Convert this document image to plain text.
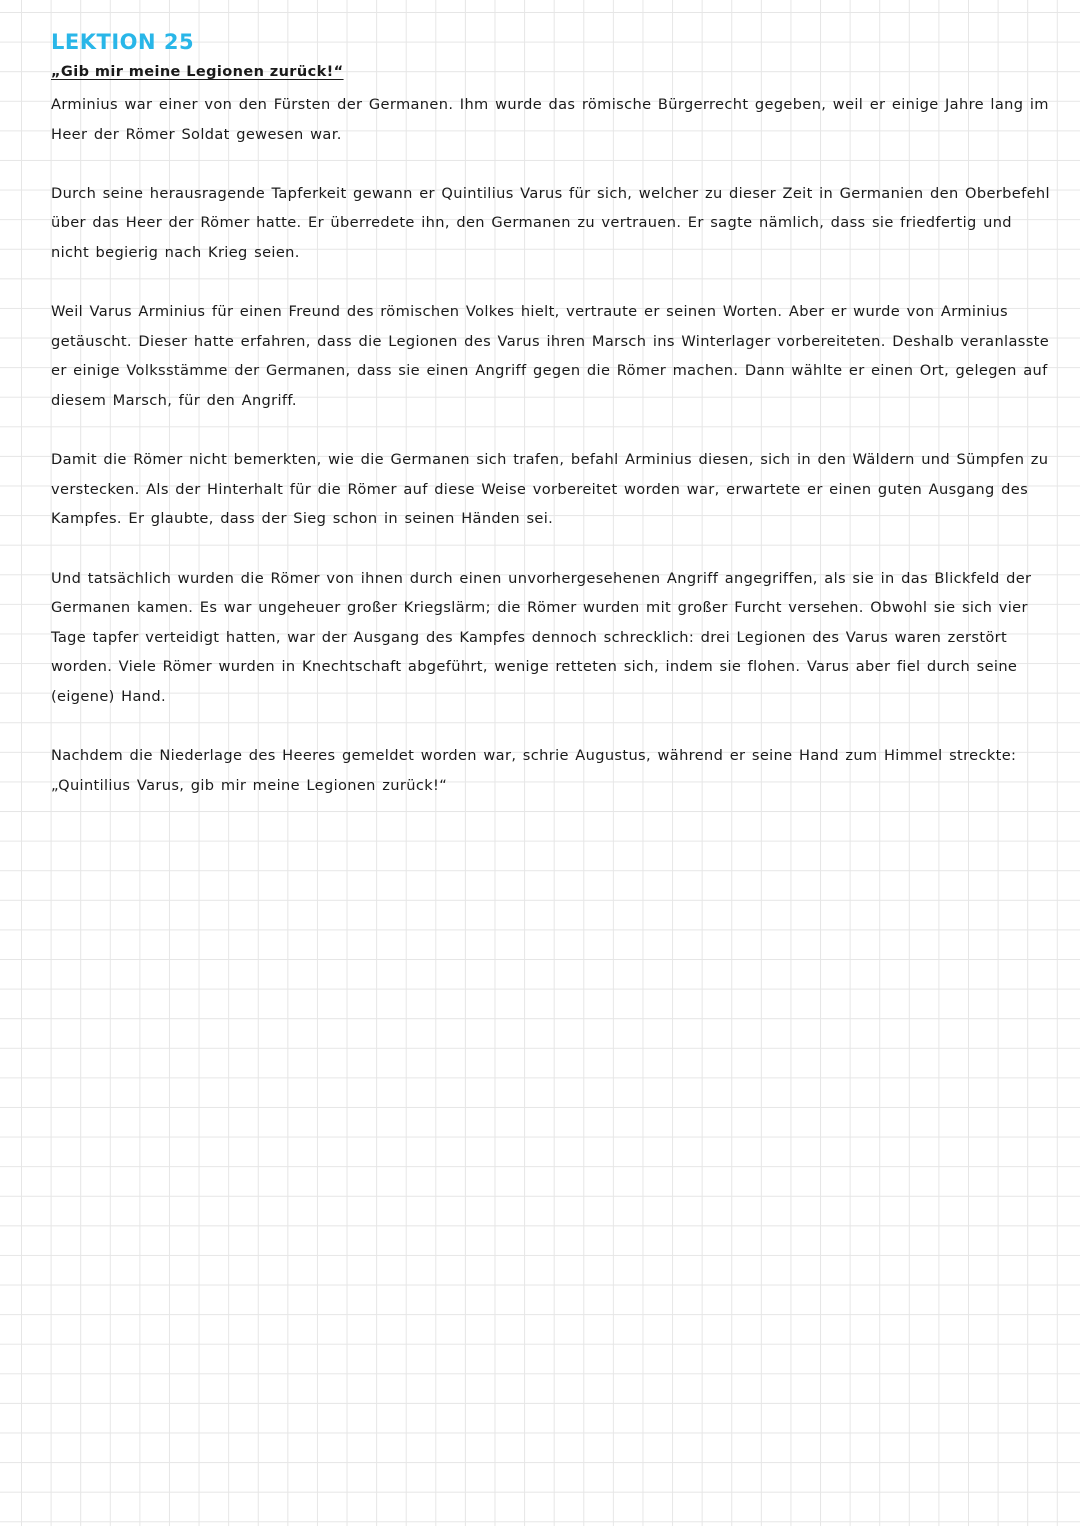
LEKTION 25
„Gib mir meine Legionen zurück!“

Arminius war einer von den Fürsten der Germanen. Ihm wurde das römische Bürgerrecht gegeben, weil er einige Jahre lang im Heer der Römer Soldat gewesen war.

Durch seine herausragende Tapferkeit gewann er Quintilius Varus für sich, welcher zu dieser Zeit in Germanien den Oberbefehl über das Heer der Römer hatte. Er überredete ihn, den Germanen zu vertrauen. Er sagte nämlich, dass sie friedfertig und nicht begierig nach Krieg seien.

Weil Varus Arminius für einen Freund des römischen Volkes hielt, vertraute er seinen Worten. Aber er wurde von Arminius getäuscht. Dieser hatte erfahren, dass die Legionen des Varus ihren Marsch ins Winterlager vorbereiteten. Deshalb veranlasste er einige Volksstämme der Germanen, dass sie einen Angriff gegen die Römer machen. Dann wählte er einen Ort, gelegen auf diesem Marsch, für den Angriff.

Damit die Römer nicht bemerkten, wie die Germanen sich trafen, befahl Arminius diesen, sich in den Wäldern und Sümpfen zu verstecken. Als der Hinterhalt für die Römer auf diese Weise vorbereitet worden war, erwartete er einen guten Ausgang des Kampfes. Er glaubte, dass der Sieg schon in seinen Händen sei.

Und tatsächlich wurden die Römer von ihnen durch einen unvorhergesehenen Angriff angegriffen, als sie in das Blickfeld der Germanen kamen. Es war ungeheuer großer Kriegslärm; die Römer wurden mit großer Furcht versehen. Obwohl sie sich vier Tage tapfer verteidigt hatten, war der Ausgang des Kampfes dennoch schrecklich: drei Legionen des Varus waren zerstört worden. Viele Römer wurden in Knechtschaft abgeführt, wenige retteten sich, indem sie flohen. Varus aber fiel durch seine (eigene) Hand.

Nachdem die Niederlage des Heeres gemeldet worden war, schrie Augustus, während er seine Hand zum Himmel streckte: „Quintilius Varus, gib mir meine Legionen zurück!“
